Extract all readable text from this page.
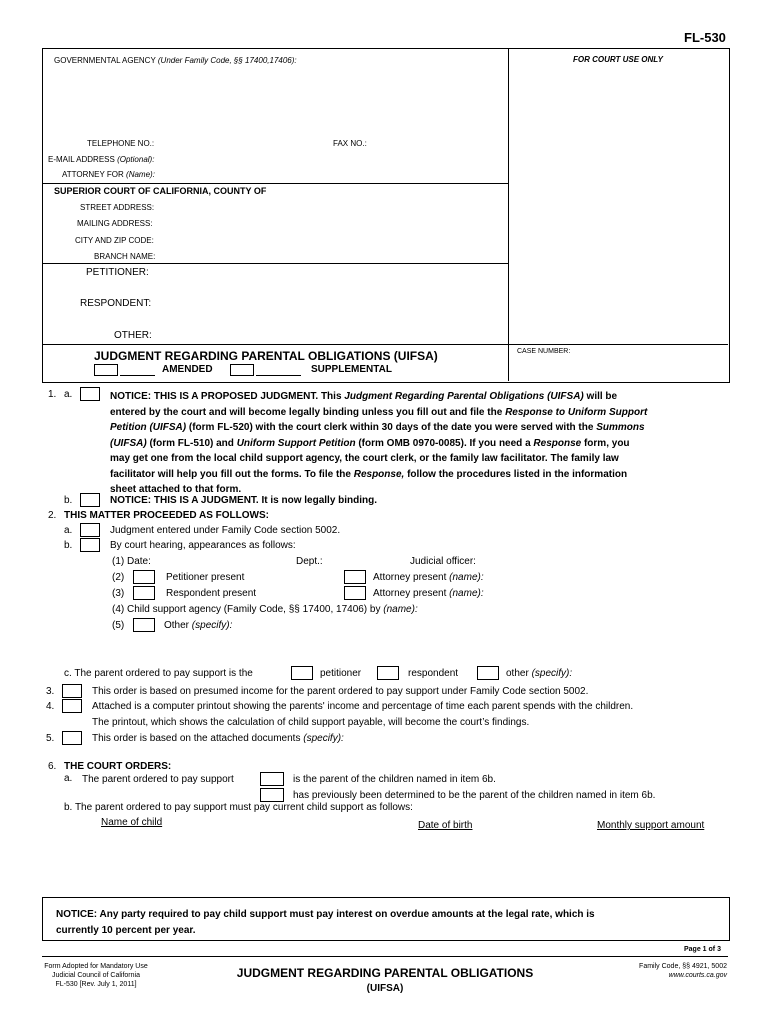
FL-530
GOVERNMENTAL AGENCY (Under Family Code, §§ 17400,17406):	FOR COURT USE ONLY
TELEPHONE NO.:	FAX NO.:
E-MAIL ADDRESS (Optional):
ATTORNEY FOR (Name):
SUPERIOR COURT OF CALIFORNIA, COUNTY OF
STREET ADDRESS:
MAILING ADDRESS:
CITY AND ZIP CODE:
BRANCH NAME:
PETITIONER:
RESPONDENT:
OTHER:
JUDGMENT REGARDING PARENTAL OBLIGATIONS (UIFSA)
AMENDED	SUPPLEMENTAL
CASE NUMBER:
1. a.	NOTICE: THIS IS A PROPOSED JUDGMENT. This Judgment Regarding Parental Obligations (UIFSA) will be
entered by the court and will become legally binding unless you fill out and file the Response to Uniform Support
Petition (UIFSA) (form FL-520) with the court clerk within 30 days of the date you were served with the Summons
(UIFSA) (form FL-510) and Uniform Support Petition (form OMB 0970-0085). If you need a Response form, you
may get one from the local child support agency, the court clerk, or the family law facilitator. The family law
facilitator will help you fill out the forms. To file the Response, follow the procedures listed in the information
sheet attached to that form.
b.	NOTICE: THIS IS A JUDGMENT. It is now legally binding.
2. THIS MATTER PROCEEDED AS FOLLOWS:
a.	Judgment entered under Family Code section 5002.
b.	By court hearing, appearances as follows:
(1) Date:	Dept.:	Judicial officer:
(2)	Petitioner present	Attorney present (name):
(3)	Respondent present	Attorney present (name):
(4) Child support agency (Family Code, §§ 17400, 17406) by (name):
(5)	Other (specify):
c. The parent ordered to pay support is the	petitioner	respondent	other (specify):
3.	This order is based on presumed income for the parent ordered to pay support under Family Code section 5002.
4.	Attached is a computer printout showing the parents' income and percentage of time each parent spends with the children.
The printout, which shows the calculation of child support payable, will become the court’s findings.
5.	This order is based on the attached documents (specify):
6. THE COURT ORDERS:
a. The parent ordered to pay support	is the parent of the children named in item 6b.
has previously been determined to be the parent of the children named in item 6b.
b. The parent ordered to pay support must pay current child support as follows:
Name of child	Date of birth	Monthly support amount
NOTICE: Any party required to pay child support must pay interest on overdue amounts at the legal rate, which is
currently 10 percent per year.
Page 1 of 3
Form Adopted for Mandatory Use
Judicial Council of California
FL-530 [Rev. July 1, 2011]
JUDGMENT REGARDING PARENTAL OBLIGATIONS
(UIFSA)
Family Code, §§ 4921, 5002
www.courts.ca.gov
